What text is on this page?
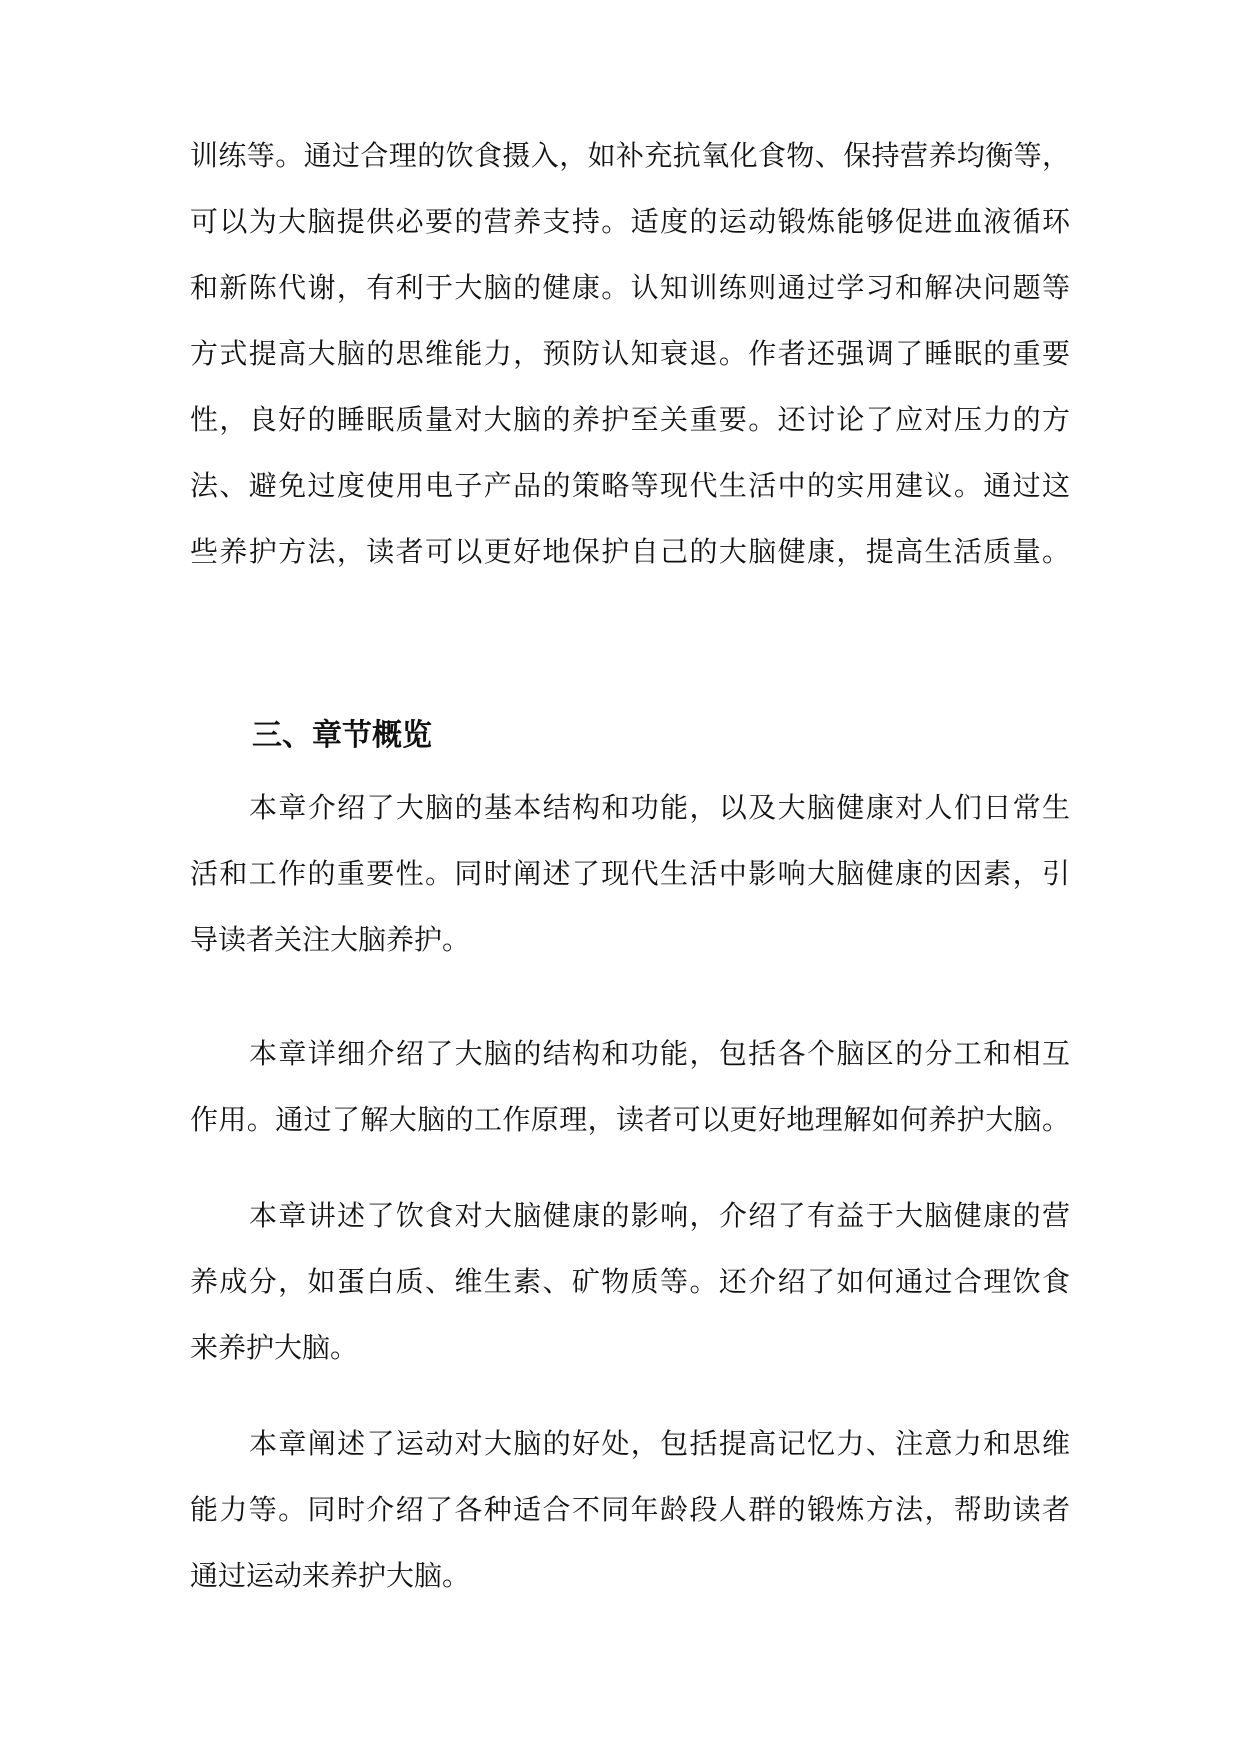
训练等。通过合理的饮食摄入，如补充抗氧化食物、保持营养均衡等，
可以为大脑提供必要的营养支持。适度的运动锻炼能够促进血液循环
和新陈代谢，有利于大脑的健康。认知训练则通过学习和解决问题等
方式提高大脑的思维能力，预防认知衰退。作者还强调了睡眠的重要
性，良好的睡眠质量对大脑的养护至关重要。还讨论了应对压力的方
法、避免过度使用电子产品的策略等现代生活中的实用建议。通过这
些养护方法，读者可以更好地保护自己的大脑健康，提高生活质量。
三、章节概览
本章介绍了大脑的基本结构和功能，以及大脑健康对人们日常生
活和工作的重要性。同时阐述了现代生活中影响大脑健康的因素，引
导读者关注大脑养护。
本章详细介绍了大脑的结构和功能，包括各个脑区的分工和相互
作用。通过了解大脑的工作原理，读者可以更好地理解如何养护大脑。
本章讲述了饮食对大脑健康的影响，介绍了有益于大脑健康的营
养成分，如蛋白质、维生素、矿物质等。还介绍了如何通过合理饮食
来养护大脑。
本章阐述了运动对大脑的好处，包括提高记忆力、注意力和思维
能力等。同时介绍了各种适合不同年龄段人群的锻炼方法，帮助读者
通过运动来养护大脑。
